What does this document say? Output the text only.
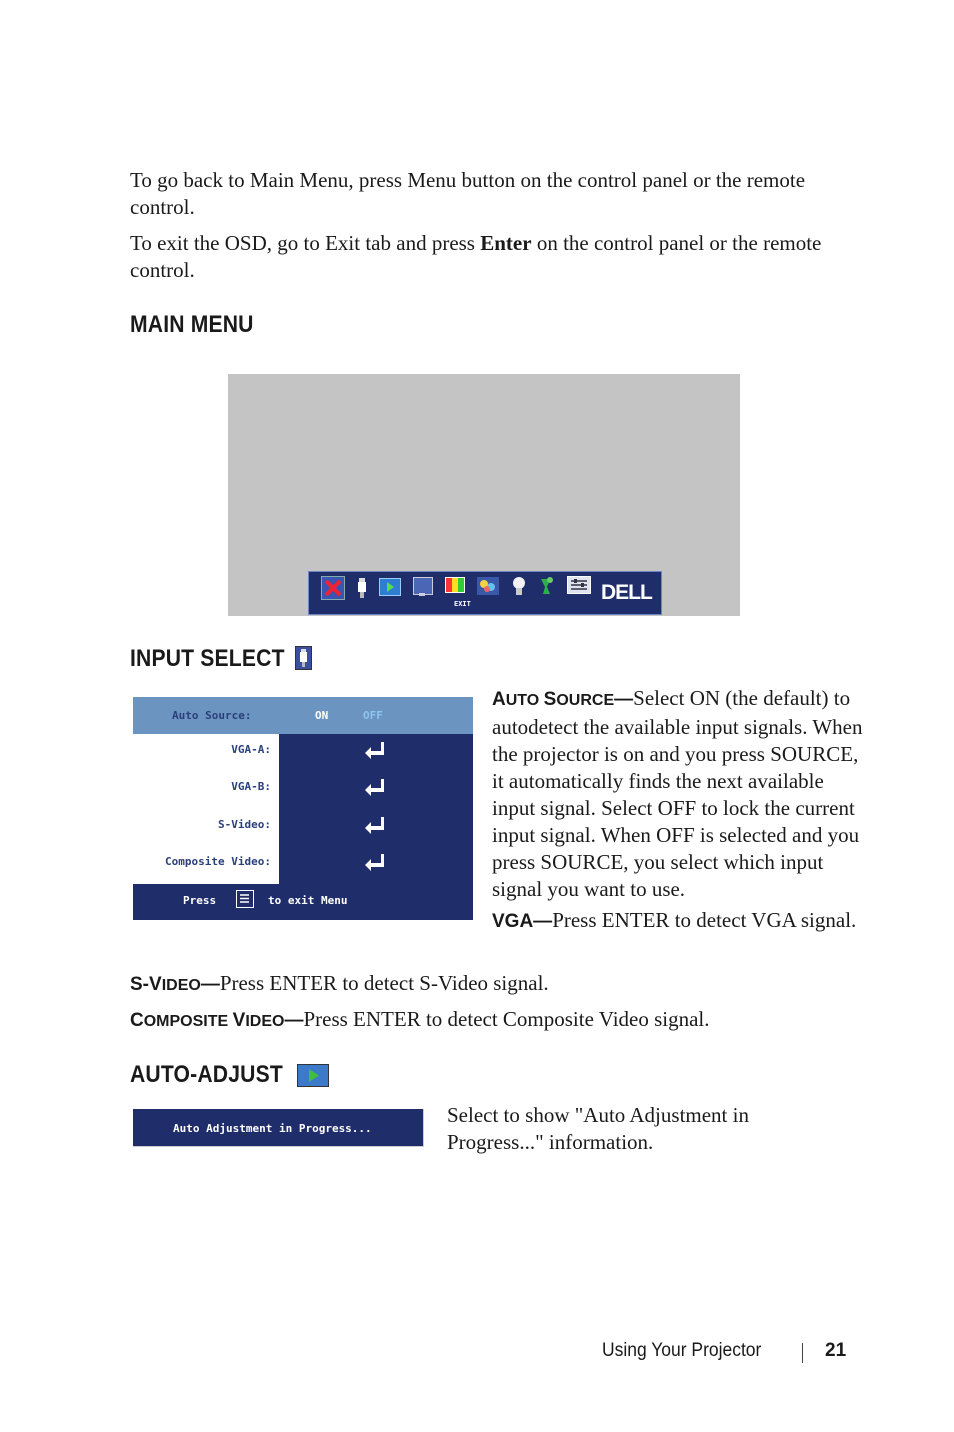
To go back to Main Menu, press Menu button on the control panel or the remote control.
To exit the OSD, go to Exit tab and press Enter on the control panel or the remote control.
MAIN MENU
EXIT	DELL
INPUT SELECT
Auto Source:	ON	OFF
VGA-A:
VGA-B:
S-Video:
Composite Video:
Press	to exit Menu
AUTO SOURCE—Select ON (the default) to autodetect the available input signals. When the projector is on and you press SOURCE, it automatically finds the next available input signal. Select OFF to lock the current input signal. When OFF is selected and you press SOURCE, you select which input signal you want to use.
VGA—Press ENTER to detect VGA signal.
S-VIDEO—Press ENTER to detect S-Video signal.
COMPOSITE VIDEO—Press ENTER to detect Composite Video signal.
AUTO-ADJUST
Auto Adjustment in Progress...
Select to show "Auto Adjustment in Progress..." information.
Using Your Projector	21
